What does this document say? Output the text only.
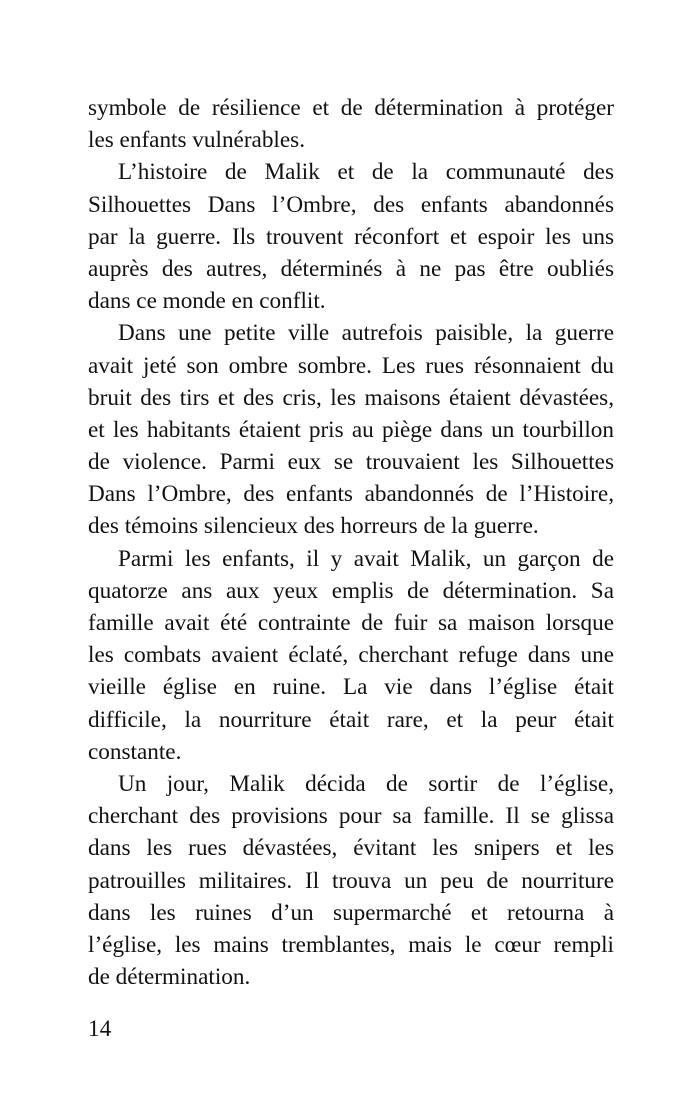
symbole de résilience et de détermination à protéger
les enfants vulnérables.
L’histoire de Malik et de la communauté des
Silhouettes Dans l’Ombre, des enfants abandonnés
par la guerre. Ils trouvent réconfort et espoir les uns
auprès des autres, déterminés à ne pas être oubliés
dans ce monde en conflit.
Dans une petite ville autrefois paisible, la guerre
avait jeté son ombre sombre. Les rues résonnaient du
bruit des tirs et des cris, les maisons étaient dévastées,
et les habitants étaient pris au piège dans un tourbillon
de violence. Parmi eux se trouvaient les Silhouettes
Dans l’Ombre, des enfants abandonnés de l’Histoire,
des témoins silencieux des horreurs de la guerre.
Parmi les enfants, il y avait Malik, un garçon de
quatorze ans aux yeux emplis de détermination. Sa
famille avait été contrainte de fuir sa maison lorsque
les combats avaient éclaté, cherchant refuge dans une
vieille église en ruine. La vie dans l’église était
difficile, la nourriture était rare, et la peur était
constante.
Un jour, Malik décida de sortir de l’église,
cherchant des provisions pour sa famille. Il se glissa
dans les rues dévastées, évitant les snipers et les
patrouilles militaires. Il trouva un peu de nourriture
dans les ruines d’un supermarché et retourna à
l’église, les mains tremblantes, mais le cœur rempli
de détermination.
14
